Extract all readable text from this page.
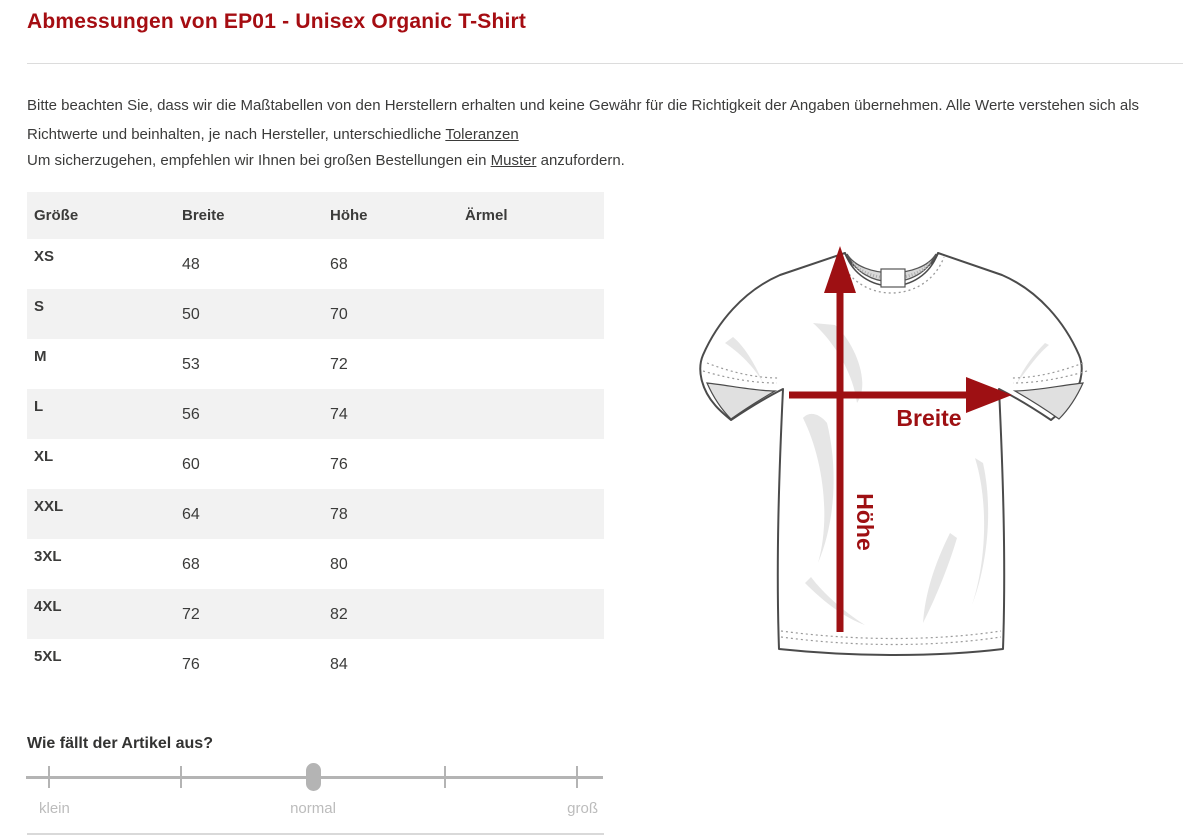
Abmessungen von EP01 - Unisex Organic T-Shirt

Bitte beachten Sie, dass wir die Maßtabellen von den Herstellern erhalten und keine Gewähr für die Richtigkeit der Angaben übernehmen. Alle Werte verstehen sich als Richtwerte und beinhalten, je nach Hersteller, unterschiedliche Toleranzen

Um sicherzugehen, empfehlen wir Ihnen bei großen Bestellungen ein Muster anzufordern.

Größe	Breite	Höhe	Ärmel
XS	48	68	
S	50	70	
M	53	72	
L	56	74	
XL	60	76	
XXL	64	78	
3XL	68	80	
4XL	72	82	
5XL	76	84	
Breite
Höhe
Wie fällt der Artikel aus?
klein	normal	groß
